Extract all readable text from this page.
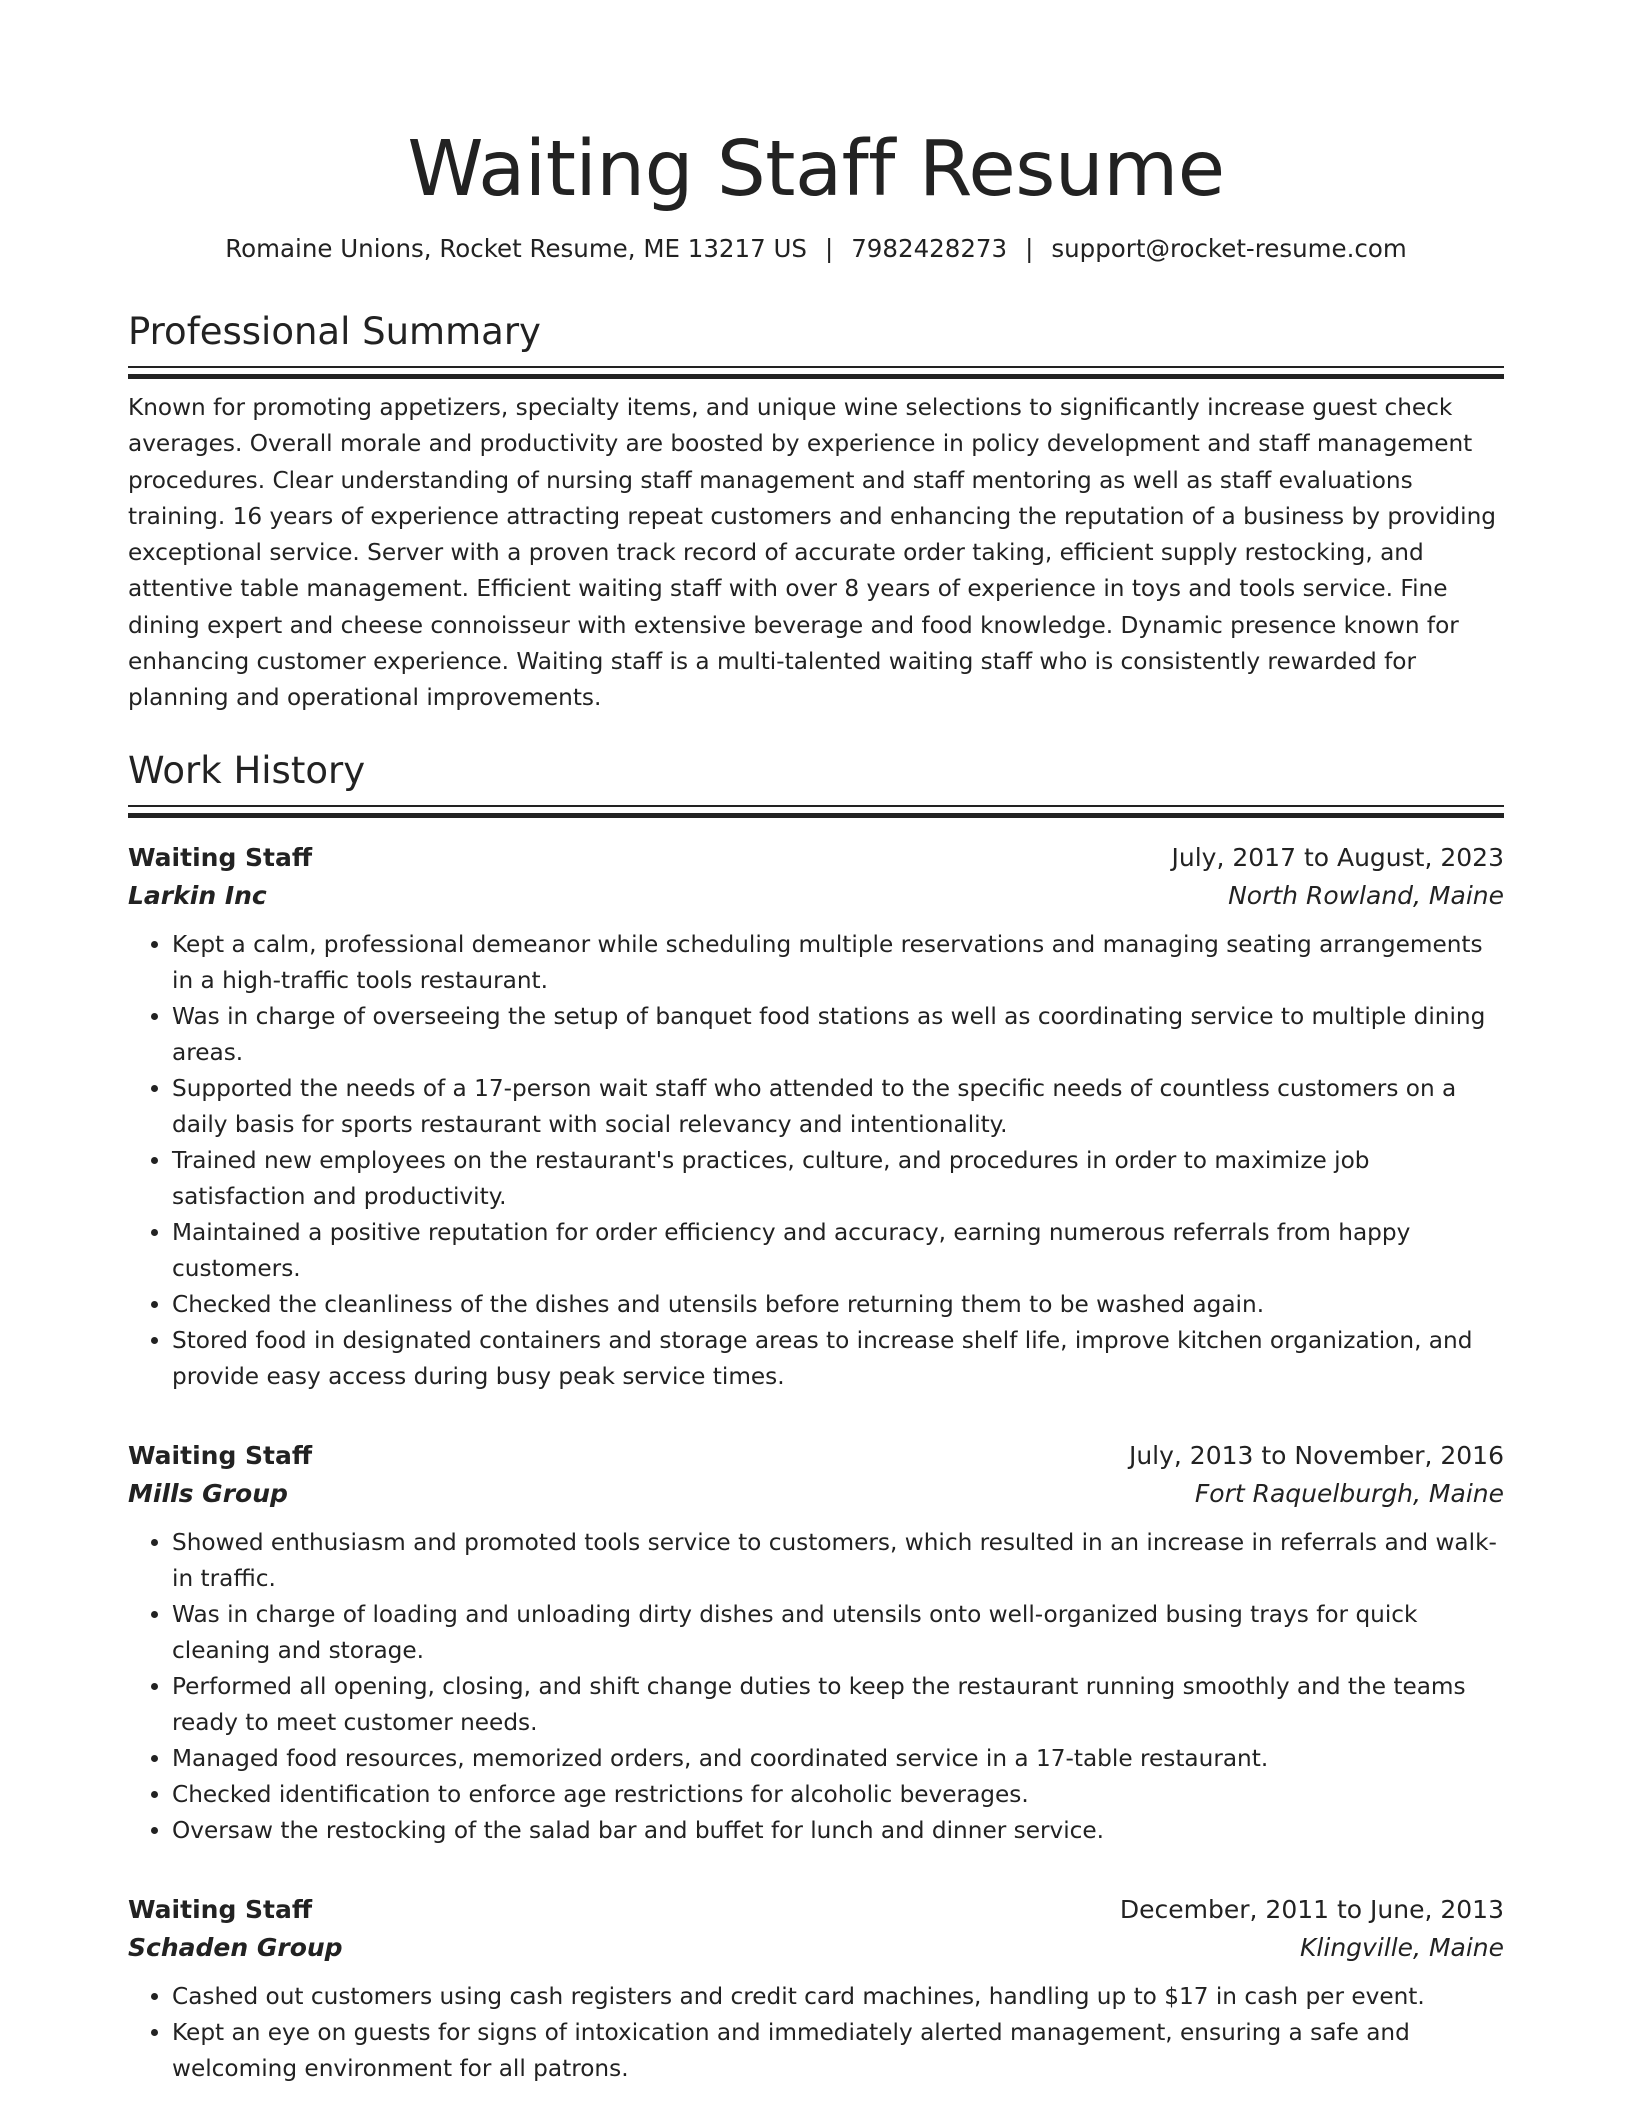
Waiting Staff Resume
Romaine Unions, Rocket Resume, ME 13217 US | 7982428273 | support@rocket-resume.com
Professional Summary

Known for promoting appetizers, specialty items, and unique wine selections to significantly increase guest check averages. Overall morale and productivity are boosted by experience in policy development and staff management procedures. Clear understanding of nursing staff management and staff mentoring as well as staff evaluations training. 16 years of experience attracting repeat customers and enhancing the reputation of a business by providing exceptional service. Server with a proven track record of accurate order taking, efficient supply restocking, and attentive table management. Efficient waiting staff with over 8 years of experience in toys and tools service. Fine dining expert and cheese connoisseur with extensive beverage and food knowledge. Dynamic presence known for enhancing customer experience. Waiting staff is a multi-talented waiting staff who is consistently rewarded for planning and operational improvements.

Work History
Waiting Staff	July, 2017 to August, 2023
Larkin Inc	North Rowland, Maine
• Kept a calm, professional demeanor while scheduling multiple reservations and managing seating arrangements in a high-traffic tools restaurant.
• Was in charge of overseeing the setup of banquet food stations as well as coordinating service to multiple dining areas.
• Supported the needs of a 17-person wait staff who attended to the specific needs of countless customers on a daily basis for sports restaurant with social relevancy and intentionality.
• Trained new employees on the restaurant's practices, culture, and procedures in order to maximize job satisfaction and productivity.
• Maintained a positive reputation for order efficiency and accuracy, earning numerous referrals from happy customers.
• Checked the cleanliness of the dishes and utensils before returning them to be washed again.
• Stored food in designated containers and storage areas to increase shelf life, improve kitchen organization, and provide easy access during busy peak service times.
Waiting Staff	July, 2013 to November, 2016
Mills Group	Fort Raquelburgh, Maine
• Showed enthusiasm and promoted tools service to customers, which resulted in an increase in referrals and walk-in traffic.
• Was in charge of loading and unloading dirty dishes and utensils onto well-organized busing trays for quick cleaning and storage.
• Performed all opening, closing, and shift change duties to keep the restaurant running smoothly and the teams ready to meet customer needs.
• Managed food resources, memorized orders, and coordinated service in a 17-table restaurant.
• Checked identification to enforce age restrictions for alcoholic beverages.
• Oversaw the restocking of the salad bar and buffet for lunch and dinner service.
Waiting Staff	December, 2011 to June, 2013
Schaden Group	Klingville, Maine
• Cashed out customers using cash registers and credit card machines, handling up to $17 in cash per event.
• Kept an eye on guests for signs of intoxication and immediately alerted management, ensuring a safe and welcoming environment for all patrons.
